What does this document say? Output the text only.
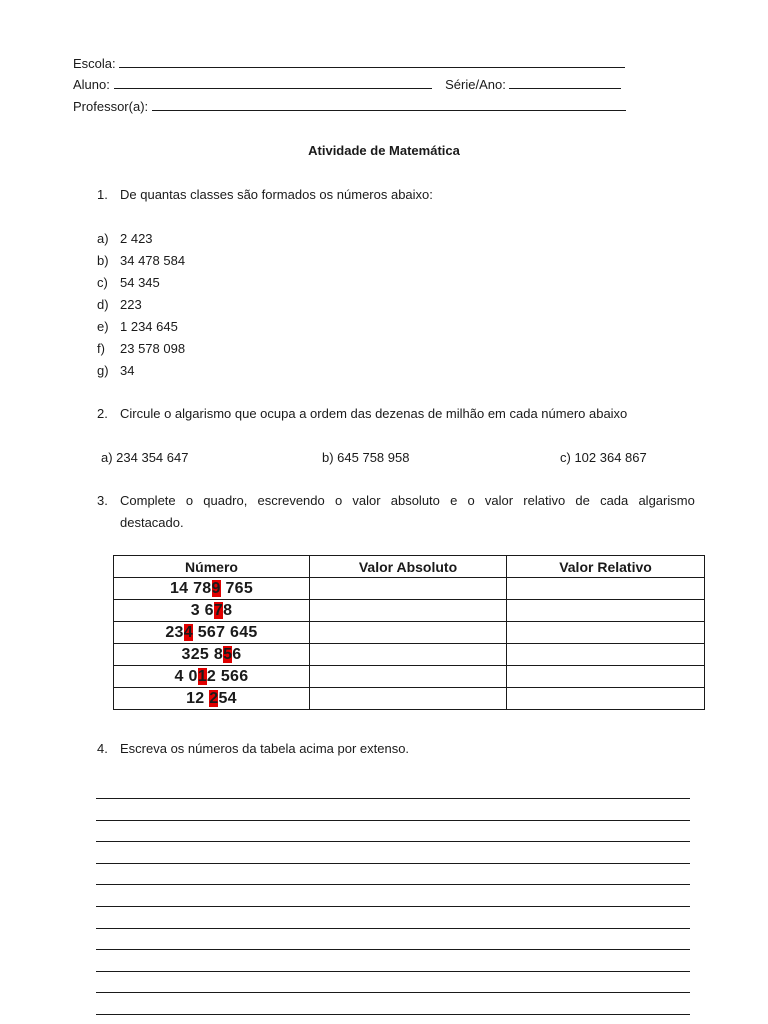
Escola:
Aluno:	Série/Ano:
Professor(a):
Atividade de Matemática
1. De quantas classes são formados os números abaixo:
a) 2 423
b) 34 478 584
c) 54 345
d) 223
e) 1 234 645
f) 23 578 098
g) 34
2. Circule o algarismo que ocupa a ordem das dezenas de milhão em cada número abaixo
a) 234 354 647	b) 645 758 958	c) 102 364 867
3. Complete o quadro, escrevendo o valor absoluto e o valor relativo de cada algarismo
destacado.
Número	Valor Absoluto	Valor Relativo
14 789 765		
3 678		
234 567 645		
325 856		
4 012 566		
12 254		
4. Escreva os números da tabela acima por extenso.
